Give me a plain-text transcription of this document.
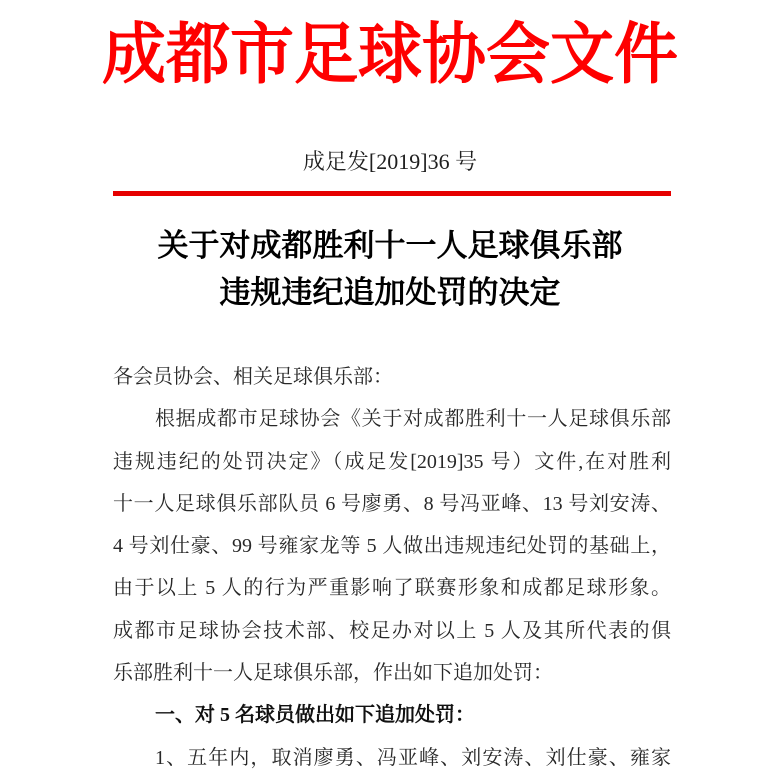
成都市足球协会文件
成足发[2019]36 号
关于对成都胜利十一人足球俱乐部
违规违纪追加处罚的决定
各会员协会、相关足球俱乐部：
根据成都市足球协会《关于对成都胜利十一人足球俱乐部
违规违纪的处罚决定》（成足发[2019]35 号）文件,在对胜利
十一人足球俱乐部队员 6 号廖勇、8 号冯亚峰、13 号刘安涛、
4 号刘仕豪、99 号雍家龙等 5 人做出违规违纪处罚的基础上，
由于以上 5 人的行为严重影响了联赛形象和成都足球形象。
成都市足球协会技术部、校足办对以上 5 人及其所代表的俱
乐部胜利十一人足球俱乐部，作出如下追加处罚：
一、对 5 名球员做出如下追加处罚：
1、五年内，取消廖勇、冯亚峰、刘安涛、刘仕豪、雍家
